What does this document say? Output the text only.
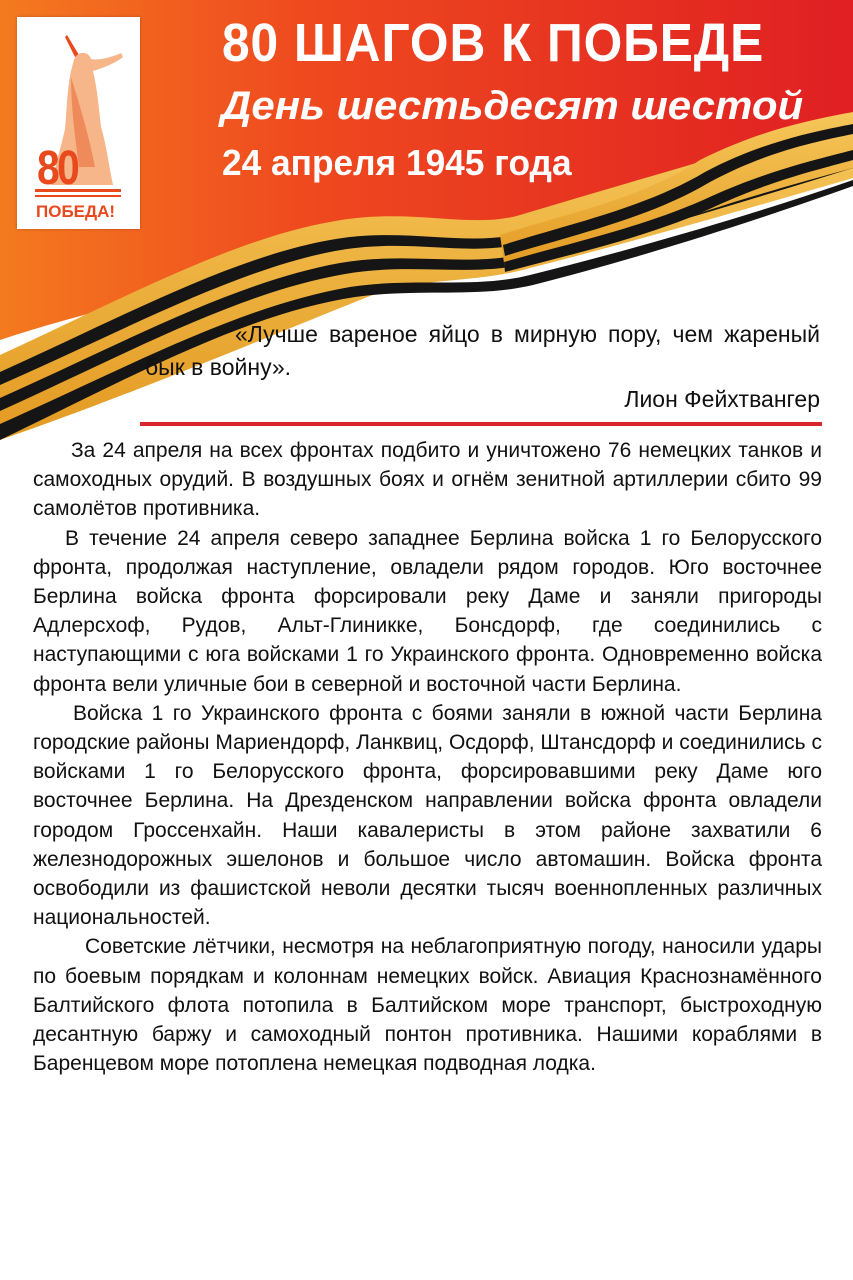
80
ПОБЕДА!
80 ШАГОВ К ПОБЕДЕ
День шестьдесят шестой
24 апреля 1945 года
«Лучше вареное яйцо в мирную пору, чем жареный бык в войну».
Лион Фейхтвангер

За 24 апреля на всех фронтах подбито и уничтожено 76 немецких танков и самоходных орудий. В воздушных боях и огнём зенитной артиллерии сбито 99 самолётов противника.

В течение 24 апреля северо западнее Берлина войска 1 го Белорусского фронта, продолжая наступление, овладели рядом городов. Юго восточнее Берлина войска фронта форсировали реку Даме и заняли пригороды Адлерсхоф, Рудов, Альт-Глиникке, Бонсдорф, где соединились с наступающими с юга войсками 1 го Украинского фронта. Одновременно войска фронта вели уличные бои в северной и восточной части Берлина.

Войска 1 го Украинского фронта с боями заняли в южной части Берлина городские районы Мариендорф, Ланквиц, Осдорф, Штансдорф и соединились с войсками 1 го Белорусского фронта, форсировавшими реку Даме юго восточнее Берлина. На Дрезденском направлении войска фронта овладели городом Гроссенхайн. Наши кавалеристы в этом районе захватили 6 железнодорожных эшелонов и большое число автомашин. Войска фронта освободили из фашистской неволи десятки тысяч военнопленных различных национальностей.

Советские лётчики, несмотря на неблагоприятную погоду, наносили удары по боевым порядкам и колоннам немецких войск. Авиация Краснознамённого Балтийского флота потопила в Балтийском море транспорт, быстроходную десантную баржу и самоходный понтон противника. Нашими кораблями в Баренцевом море потоплена немецкая подводная лодка.
